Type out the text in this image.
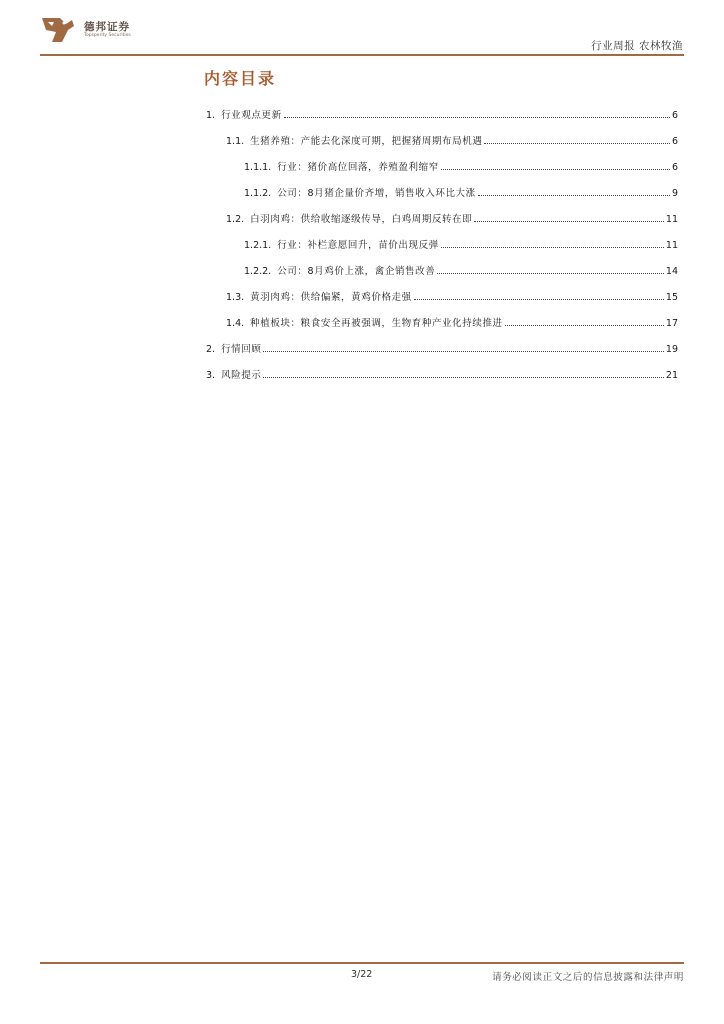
德邦证券
Topsperity Securities
行业周报 农林牧渔
内容目录
1. 行业观点更新	6
1.1. 生猪养殖：产能去化深度可期，把握猪周期布局机遇	6
1.1.1. 行业：猪价高位回落，养殖盈利缩窄	6
1.1.2. 公司：8月猪企量价齐增，销售收入环比大涨	9
1.2. 白羽肉鸡：供给收缩逐级传导，白鸡周期反转在即	11
1.2.1. 行业：补栏意愿回升，苗价出现反弹	11
1.2.2. 公司：8月鸡价上涨，禽企销售改善	14
1.3. 黄羽肉鸡：供给偏紧，黄鸡价格走强	15
1.4. 种植板块：粮食安全再被强调，生物育种产业化持续推进	17
2. 行情回顾	19
3. 风险提示	21
3/22	请务必阅读正文之后的信息披露和法律声明
